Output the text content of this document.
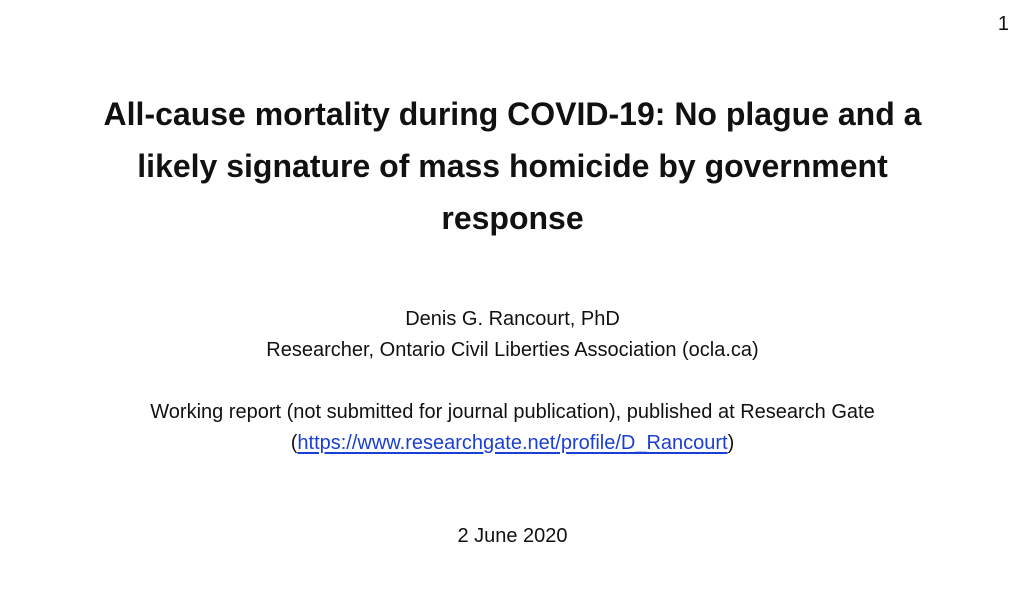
1
All-cause mortality during COVID-19: No plague and a
likely signature of mass homicide by government
response
Denis G. Rancourt, PhD
Researcher, Ontario Civil Liberties Association (ocla.ca)
Working report (not submitted for journal publication), published at Research Gate
(https://www.researchgate.net/profile/D_Rancourt)
2 June 2020
